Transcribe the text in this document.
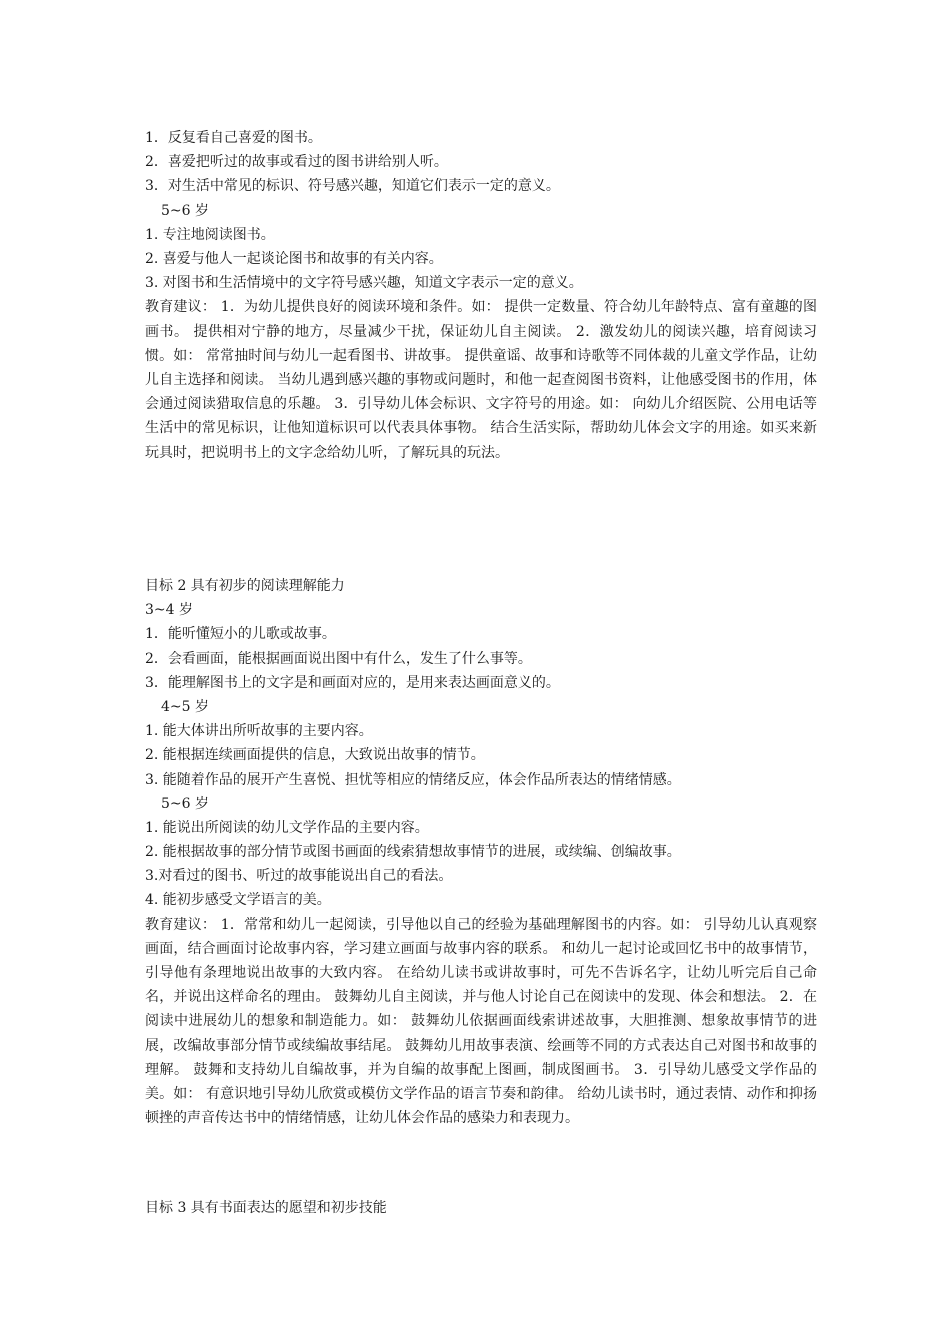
1．反复看自己喜爱的图书。
2．喜爱把听过的故事或看过的图书讲给别人听。
3．对生活中常见的标识、符号感兴趣，知道它们表示一定的意义。
5~6 岁
1. 专注地阅读图书。
2. 喜爱与他人一起谈论图书和故事的有关内容。
3. 对图书和生活情境中的文字符号感兴趣，知道文字表示一定的意义。
教育建议： 1．为幼儿提供良好的阅读环境和条件。如： 提供一定数量、符合幼儿年龄特点、富有童趣的图画书。 提供相对宁静的地方，尽量减少干扰，保证幼儿自主阅读。 2．激发幼儿的阅读兴趣，培育阅读习惯。如： 常常抽时间与幼儿一起看图书、讲故事。 提供童谣、故事和诗歌等不同体裁的儿童文学作品，让幼儿自主选择和阅读。 当幼儿遇到感兴趣的事物或问题时，和他一起查阅图书资料，让他感受图书的作用，体会通过阅读猎取信息的乐趣。 3．引导幼儿体会标识、文字符号的用途。如： 向幼儿介绍医院、公用电话等生活中的常见标识，让他知道标识可以代表具体事物。 结合生活实际，帮助幼儿体会文字的用途。如买来新玩具时，把说明书上的文字念给幼儿听，了解玩具的玩法。
目标 2 具有初步的阅读理解能力
3~4 岁
1．能听懂短小的儿歌或故事。
2．会看画面，能根据画面说出图中有什么，发生了什么事等。
3．能理解图书上的文字是和画面对应的，是用来表达画面意义的。
4~5 岁
1. 能大体讲出所听故事的主要内容。
2. 能根据连续画面提供的信息，大致说出故事的情节。
3. 能随着作品的展开产生喜悦、担忧等相应的情绪反应，体会作品所表达的情绪情感。
5~6 岁
1. 能说出所阅读的幼儿文学作品的主要内容。
2. 能根据故事的部分情节或图书画面的线索猜想故事情节的进展，或续编、创编故事。
3.对看过的图书、听过的故事能说出自己的看法。
4. 能初步感受文学语言的美。
教育建议： 1．常常和幼儿一起阅读，引导他以自己的经验为基础理解图书的内容。如： 引导幼儿认真观察画面，结合画面讨论故事内容，学习建立画面与故事内容的联系。 和幼儿一起讨论或回忆书中的故事情节，引导他有条理地说出故事的大致内容。 在给幼儿读书或讲故事时，可先不告诉名字，让幼儿听完后自己命名，并说出这样命名的理由。 鼓舞幼儿自主阅读，并与他人讨论自己在阅读中的发现、体会和想法。 2．在阅读中进展幼儿的想象和制造能力。如： 鼓舞幼儿依据画面线索讲述故事，大胆推测、想象故事情节的进展，改编故事部分情节或续编故事结尾。 鼓舞幼儿用故事表演、绘画等不同的方式表达自己对图书和故事的理解。 鼓舞和支持幼儿自编故事，并为自编的故事配上图画，制成图画书。 3．引导幼儿感受文学作品的美。如： 有意识地引导幼儿欣赏或模仿文学作品的语言节奏和韵律。 给幼儿读书时，通过表情、动作和抑扬顿挫的声音传达书中的情绪情感，让幼儿体会作品的感染力和表现力。
目标 3 具有书面表达的愿望和初步技能
